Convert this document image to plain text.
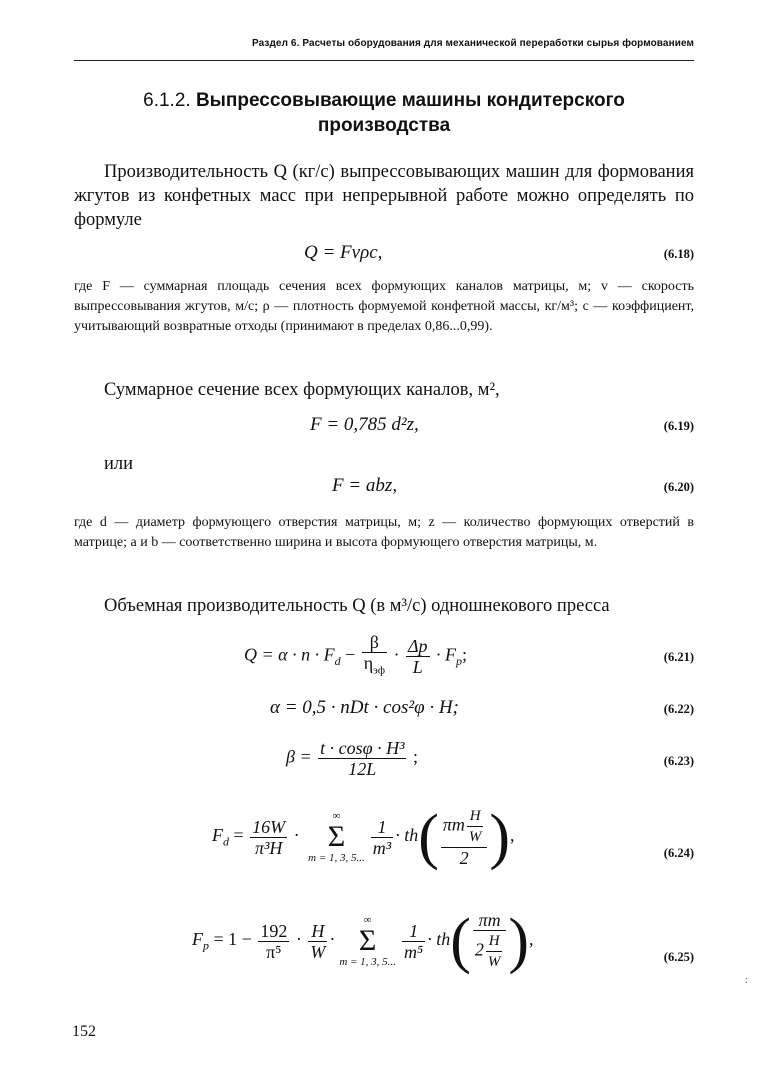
Раздел 6. Расчеты оборудования для механической переработки сырья формованием
6.1.2. Выпрессовывающие машины кондитерского
производства
Производительность Q (кг/с) выпрессовывающих машин для формования жгутов из конфетных масс при непрерывной работе можно определять по формуле
Q = Fvρc,	(6.18)
где F — суммарная площадь сечения всех формующих каналов матрицы, м; v — скорость выпрессовывания жгутов, м/с; ρ — плотность формуемой конфетной массы, кг/м³; с — коэффициент, учитывающий возвратные отходы (принимают в пределах 0,86...0,99).
Суммарное сечение всех формующих каналов, м²,
F = 0,785 d²z,	(6.19)
или
F = abz,	(6.20)
где d — диаметр формующего отверстия матрицы, м; z — количество формующих отверстий в матрице; a и b — соответственно ширина и высота формующего отверстия матрицы, м.
Объемная производительность Q (в м³/с) одношнекового пресса
$Q = \alpha \cdot n \cdot F_d - \frac{\beta}{\eta_{эф}} \cdot \frac{\Delta p}{L} \cdot F_p$;	(6.21)
α = 0,5 · nDt · cos²φ · H;	(6.22)
$\beta = \frac{\text{t · cosφ · H³}}{12L}$ ;	(6.23)
$F_d = \frac{16W}{\text{π³H}}$ ·
∞
Σ
m = 1, 3, 5...
$\frac{1}{\text{m³}} \cdot th( \frac{\pi m \frac{H}{W}}{2}$ ),
(6.24)
$F_p = 1 - \frac{192}{\text{π⁵}} \cdot \frac{H}{W}$ ·
∞
Σ
m = 1, 3, 5...
$\frac{1}{\text{m⁵}} \cdot th( \frac{\pi m}{2 \frac{H}{W}}$ ),
(6.25)
152
:
